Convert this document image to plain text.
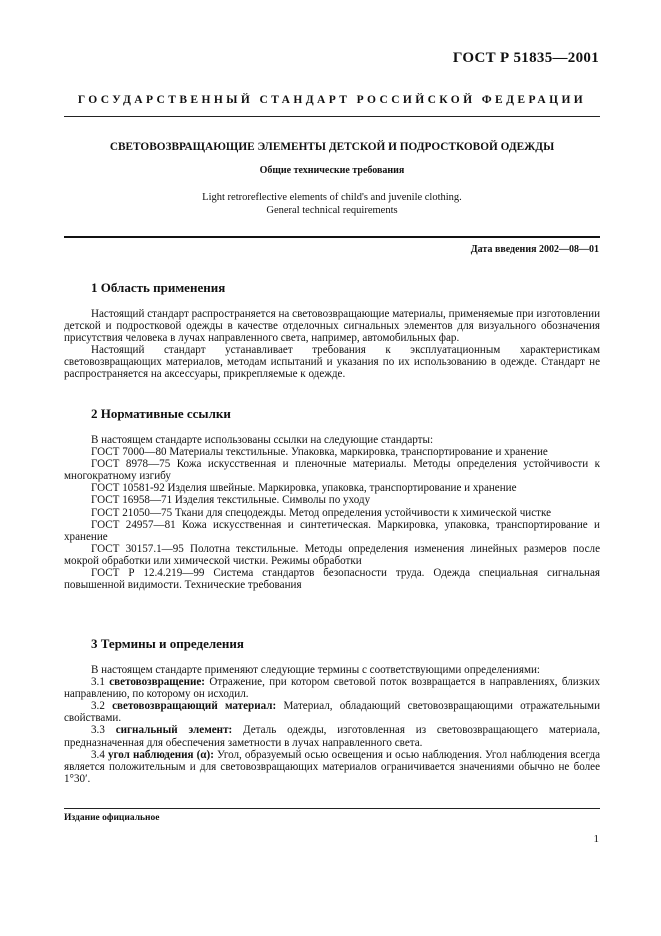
ГОСТ Р 51835—2001
ГОСУДАРСТВЕННЫЙ СТАНДАРТ РОССИЙСКОЙ ФЕДЕРАЦИИ
СВЕТОВОЗВРАЩАЮЩИЕ ЭЛЕМЕНТЫ ДЕТСКОЙ И ПОДРОСТКОВОЙ ОДЕЖДЫ
Общие технические требования
Light retroreflective elements of child's and juvenile clothing.
General technical requirements
Дата введения 2002—08—01
1 Область применения

Настоящий стандарт распространяется на световозвращающие материалы, применяемые при изготовлении детской и подростковой одежды в качестве отделочных сигнальных элементов для визуального обозначения присутствия человека в лучах направленного света, например, автомобильных фар.

Настоящий стандарт устанавливает требования к эксплуатационным характеристикам световозвращающих материалов, методам испытаний и указания по их использованию в одежде. Стандарт не распространяется на аксессуары, прикрепляемые к одежде.

2 Нормативные ссылки

В настоящем стандарте использованы ссылки на следующие стандарты:

ГОСТ 7000—80 Материалы текстильные. Упаковка, маркировка, транспортирование и хранение

ГОСТ 8978—75 Кожа искусственная и пленочные материалы. Методы определения устойчивости к многократному изгибу

ГОСТ 10581-92 Изделия швейные. Маркировка, упаковка, транспортирование и хранение

ГОСТ 16958—71 Изделия текстильные. Символы по уходу

ГОСТ 21050—75 Ткани для спецодежды. Метод определения устойчивости к химической чистке

ГОСТ 24957—81 Кожа искусственная и синтетическая. Маркировка, упаковка, транспортирование и хранение

ГОСТ 30157.1—95 Полотна текстильные. Методы определения изменения линейных размеров после мокрой обработки или химической чистки. Режимы обработки

ГОСТ Р 12.4.219—99 Система стандартов безопасности труда. Одежда специальная сигнальная повышенной видимости. Технические требования

3 Термины и определения

В настоящем стандарте применяют следующие термины с соответствующими определениями:

3.1 световозвращение: Отражение, при котором световой поток возвращается в направлениях, близких направлению, по которому он исходил.

3.2 световозвращающий материал: Материал, обладающий световозвращающими отражательными свойствами.

3.3 сигнальный элемент: Деталь одежды, изготовленная из световозвращающего материала, предназначенная для обеспечения заметности в лучах направленного света.

3.4 угол наблюдения (α): Угол, образуемый осью освещения и осью наблюдения. Угол наблюдения всегда является положительным и для световозвращающих материалов ограничивается значениями обычно не более 1°30′.

Издание официальное
1
